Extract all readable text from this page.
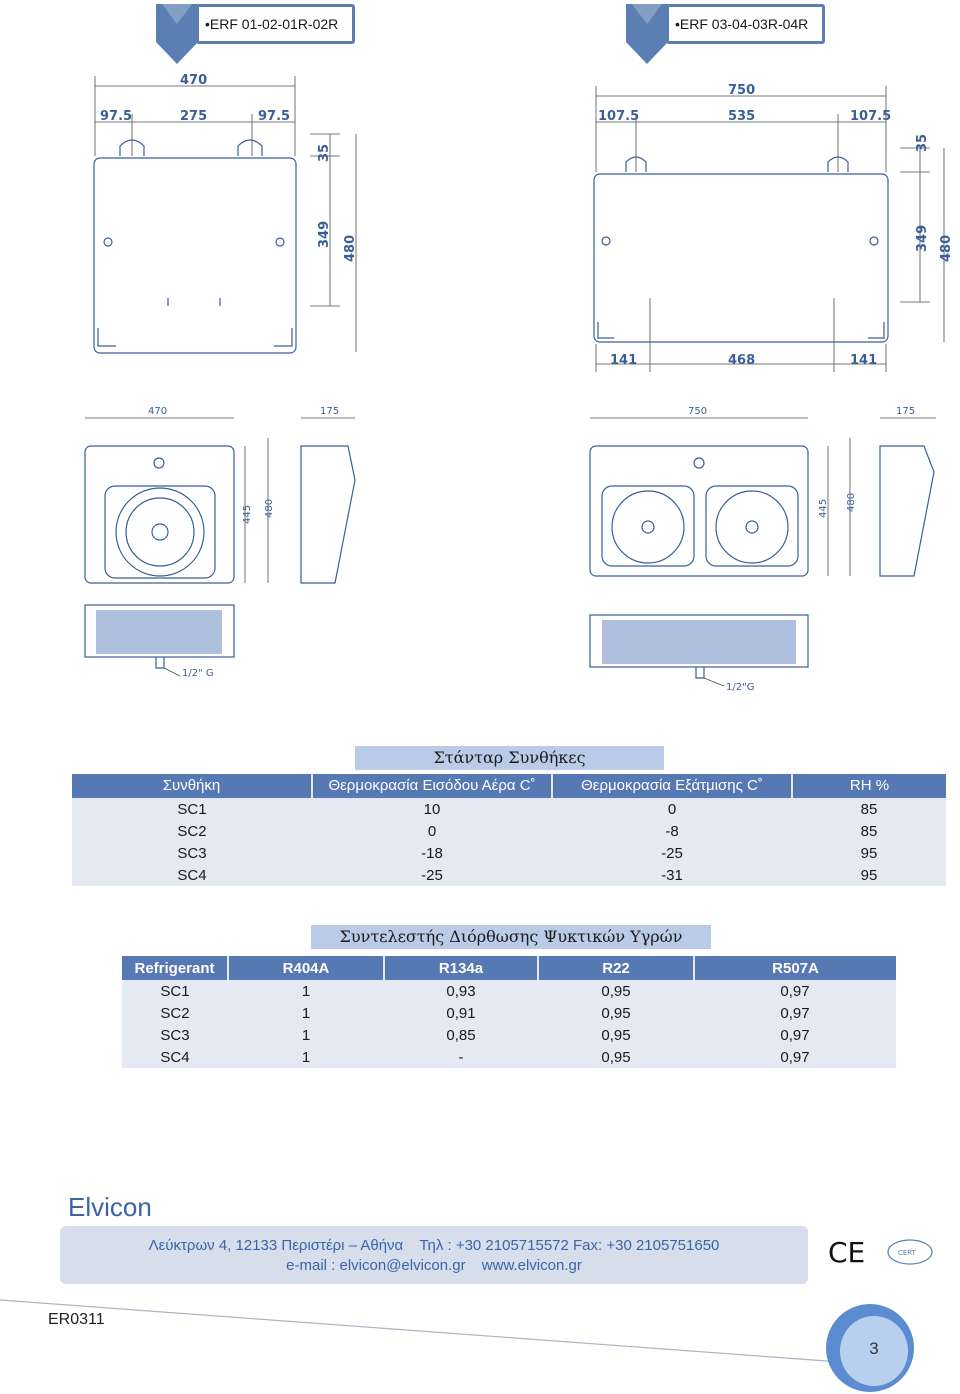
•ERF 01-02-01R-02R	•ERF 03-04-03R-04R
470
97.5	275	97.5
35
349
480
750
107.5	535	107.5
141	468	141
35
349 480
470	175
445 480
1/2" G
750	175
445 480
1/2"G
Στάνταρ Συνθήκες
Συνθήκη	Θερμοκρασία Εισόδου Αέρα C˚	Θερμοκρασία Εξάτμισης C˚	RH %
SC1	10	0	85
SC2	0	-8	85
SC3	-18	-25	95
SC4	-25	-31	95
Συντελεστής Διόρθωσης Ψυκτικών Υγρών
Refrigerant	R404A	R134a	R22	R507A
SC1	1	0,93	0,95	0,97
SC2	1	0,91	0,95	0,97
SC3	1	0,85	0,95	0,97
SC4	1	-	0,95	0,97
Elvicon
Λεύκτρων 4, 12133 Περιστέρι – Αθήνα Τηλ : +30 2105715572 Fax: +30 2105751650
e-mail : elvicon@elvicon.gr www.elvicon.gr	CE	CERT
ER0311
3
